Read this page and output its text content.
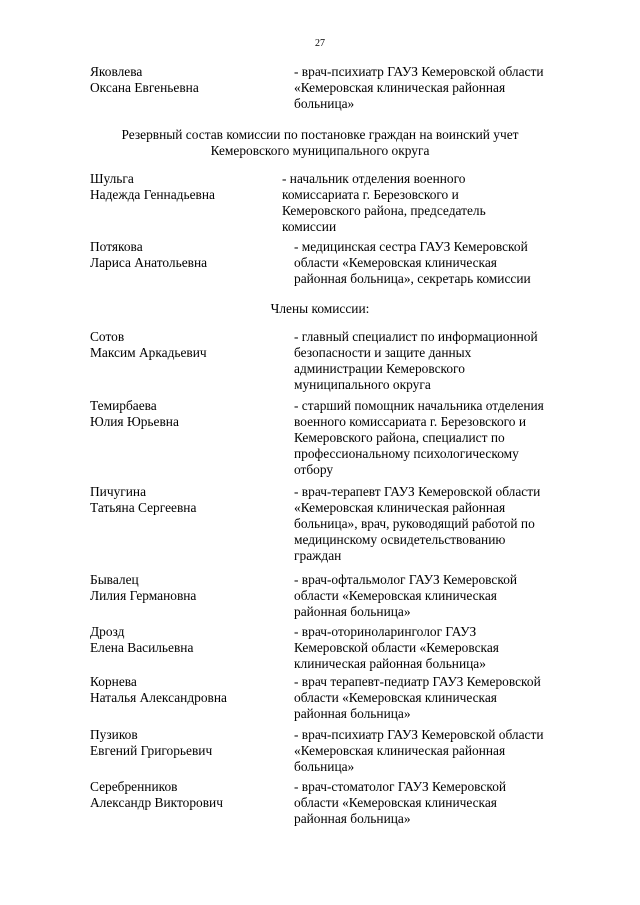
27
Яковлева
Оксана Евгеньевна
- врач-психиатр ГАУЗ Кемеровской области
«Кемеровская клиническая районная
больница»
Резервный состав комиссии по постановке граждан на воинский учет
Кемеровского муниципального округа
Шульга
Надежда Геннадьевна
- начальник отделения военного
комиссариата г. Березовского и
Кемеровского района, председатель
комиссии
Потякова
Лариса Анатольевна
- медицинская сестра ГАУЗ Кемеровской
области «Кемеровская клиническая
районная больница», секретарь комиссии
Члены комиссии:
Сотов
Максим Аркадьевич
- главный специалист по информационной
безопасности и защите данных
администрации Кемеровского
муниципального округа
Темирбаева
Юлия Юрьевна
- старший помощник начальника отделения
военного комиссариата г. Березовского и
Кемеровского района, специалист по
профессиональному психологическому
отбору
Пичугина
Татьяна Сергеевна
- врач-терапевт ГАУЗ Кемеровской области
«Кемеровская клиническая районная
больница», врач, руководящий работой по
медицинскому освидетельствованию
граждан
Бывалец
Лилия Германовна
- врач-офтальмолог ГАУЗ Кемеровской
области «Кемеровская клиническая
районная больница»
Дрозд
Елена Васильевна
- врач-оториноларинголог ГАУЗ
Кемеровской области «Кемеровская
клиническая районная больница»
Корнева
Наталья Александровна
- врач терапевт-педиатр ГАУЗ Кемеровской
области «Кемеровская клиническая
районная больница»
Пузиков
Евгений Григорьевич
- врач-психиатр ГАУЗ Кемеровской области
«Кемеровская клиническая районная
больница»
Серебренников
Александр Викторович
- врач-стоматолог ГАУЗ Кемеровской
области «Кемеровская клиническая
районная больница»
